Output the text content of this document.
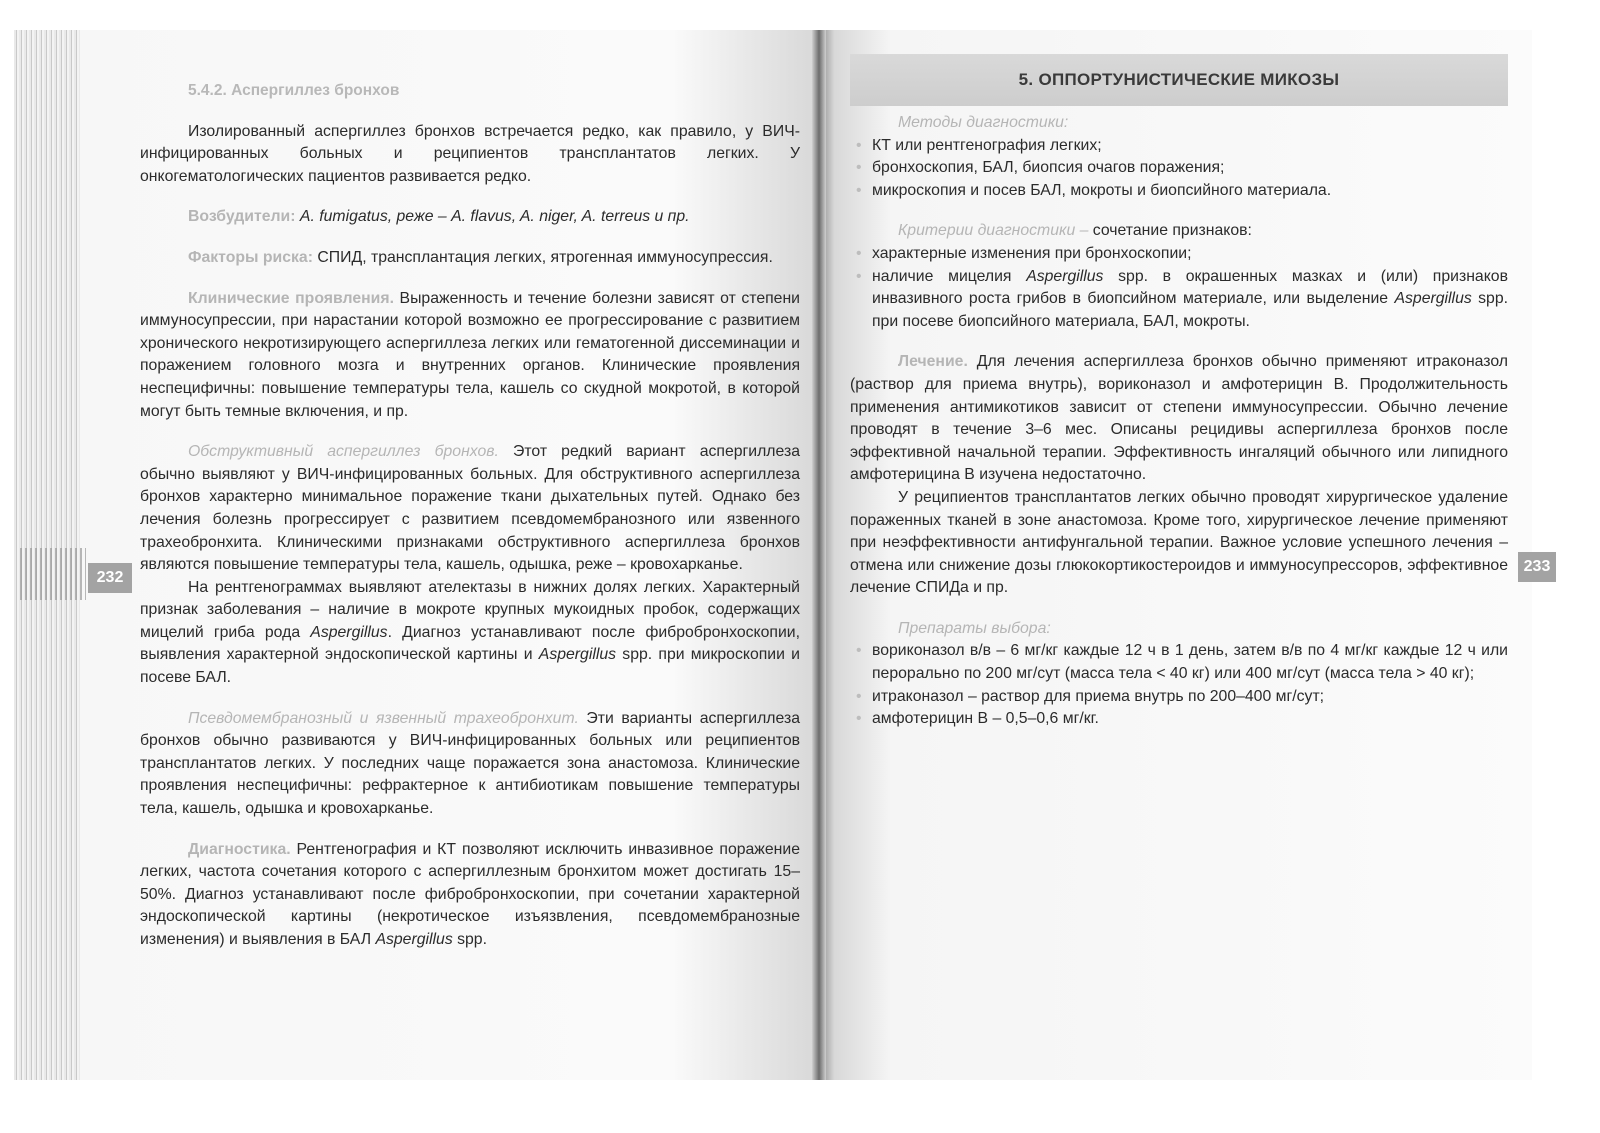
232
233

5.4.2. Аспергиллез бронхов

Изолированный аспергиллез бронхов встречается редко, как правило, у ВИЧ-инфицированных больных и реципиентов трансплантатов легких. У онкогематологических пациентов развивается редко.

Возбудители: A. fumigatus, реже – A. flavus, A. niger, A. terreus и пр.

Факторы риска: СПИД, трансплантация легких, ятрогенная иммуносупрессия.

Клинические проявления. Выраженность и течение болезни зависят от степени иммуносупрессии, при нарастании которой возможно ее прогрессирование с развитием хронического некротизирующего аспергиллеза легких или гематогенной диссеминации и поражением головного мозга и внутренних органов. Клинические проявления неспецифичны: повышение температуры тела, кашель со скудной мокротой, в которой могут быть темные включения, и пр.

Обструктивный аспергиллез бронхов. Этот редкий вариант аспергиллеза обычно выявляют у ВИЧ-инфицированных больных. Для обструктивного аспергиллеза бронхов характерно минимальное поражение ткани дыхательных путей. Однако без лечения болезнь прогрессирует с развитием псевдомембранозного или язвенного трахеобронхита. Клиническими признаками обструктивного аспергиллеза бронхов являются повышение температуры тела, кашель, одышка, реже – кровохарканье.

На рентгенограммах выявляют ателектазы в нижних долях легких. Характерный признак заболевания – наличие в мокроте крупных мукоидных пробок, содержащих мицелий гриба рода Aspergillus. Диагноз устанавливают после фибробронхоскопии, выявления характерной эндоскопической картины и Aspergillus spp. при микроскопии и посеве БАЛ.

Псевдомембранозный и язвенный трахеобронхит. Эти варианты аспергиллеза бронхов обычно развиваются у ВИЧ-инфицированных больных или реципиентов трансплантатов легких. У последних чаще поражается зона анастомоза. Клинические проявления неспецифичны: рефрактерное к антибиотикам повышение температуры тела, кашель, одышка и кровохарканье.

Диагностика. Рентгенография и КТ позволяют исключить инвазивное поражение легких, частота сочетания которого с аспергиллезным бронхитом может достигать 15–50%. Диагноз устанавливают после фибробронхоскопии, при сочетании характерной эндоскопической картины (некротическое изъязвления, псевдомембранозные изменения) и выявления в БАЛ Aspergillus spp.

5. ОППОРТУНИСТИЧЕСКИЕ МИКОЗЫ

Методы диагностики:

• КТ или рентгенография легких;
• бронхоскопия, БАЛ, биопсия очагов поражения;
• микроскопия и посев БАЛ, мокроты и биопсийного материала.

Критерии диагностики – сочетание признаков:

• характерные изменения при бронхоскопии;
• наличие мицелия Aspergillus spp. в окрашенных мазках и (или) признаков инвазивного роста грибов в биопсийном материале, или выделение Aspergillus spp. при посеве биопсийного материала, БАЛ, мокроты.

Лечение. Для лечения аспергиллеза бронхов обычно применяют итраконазол (раствор для приема внутрь), вориконазол и амфотерицин В. Продолжительность применения антимикотиков зависит от степени иммуносупрессии. Обычно лечение проводят в течение 3–6 мес. Описаны рецидивы аспергиллеза бронхов после эффективной начальной терапии. Эффективность ингаляций обычного или липидного амфотерицина В изучена недостаточно.

У реципиентов трансплантатов легких обычно проводят хирургическое удаление пораженных тканей в зоне анастомоза. Кроме того, хирургическое лечение применяют при неэффективности антифунгальной терапии. Важное условие успешного лечения – отмена или снижение дозы глюкокортикостероидов и иммуносупрессоров, эффективное лечение СПИДа и пр.

Препараты выбора:

• вориконазол в/в – 6 мг/кг каждые 12 ч в 1 день, затем в/в по 4 мг/кг каждые 12 ч или перорально по 200 мг/сут (масса тела < 40 кг) или 400 мг/сут (масса тела > 40 кг);
• итраконазол – раствор для приема внутрь по 200–400 мг/сут;
• амфотерицин В – 0,5–0,6 мг/кг.
